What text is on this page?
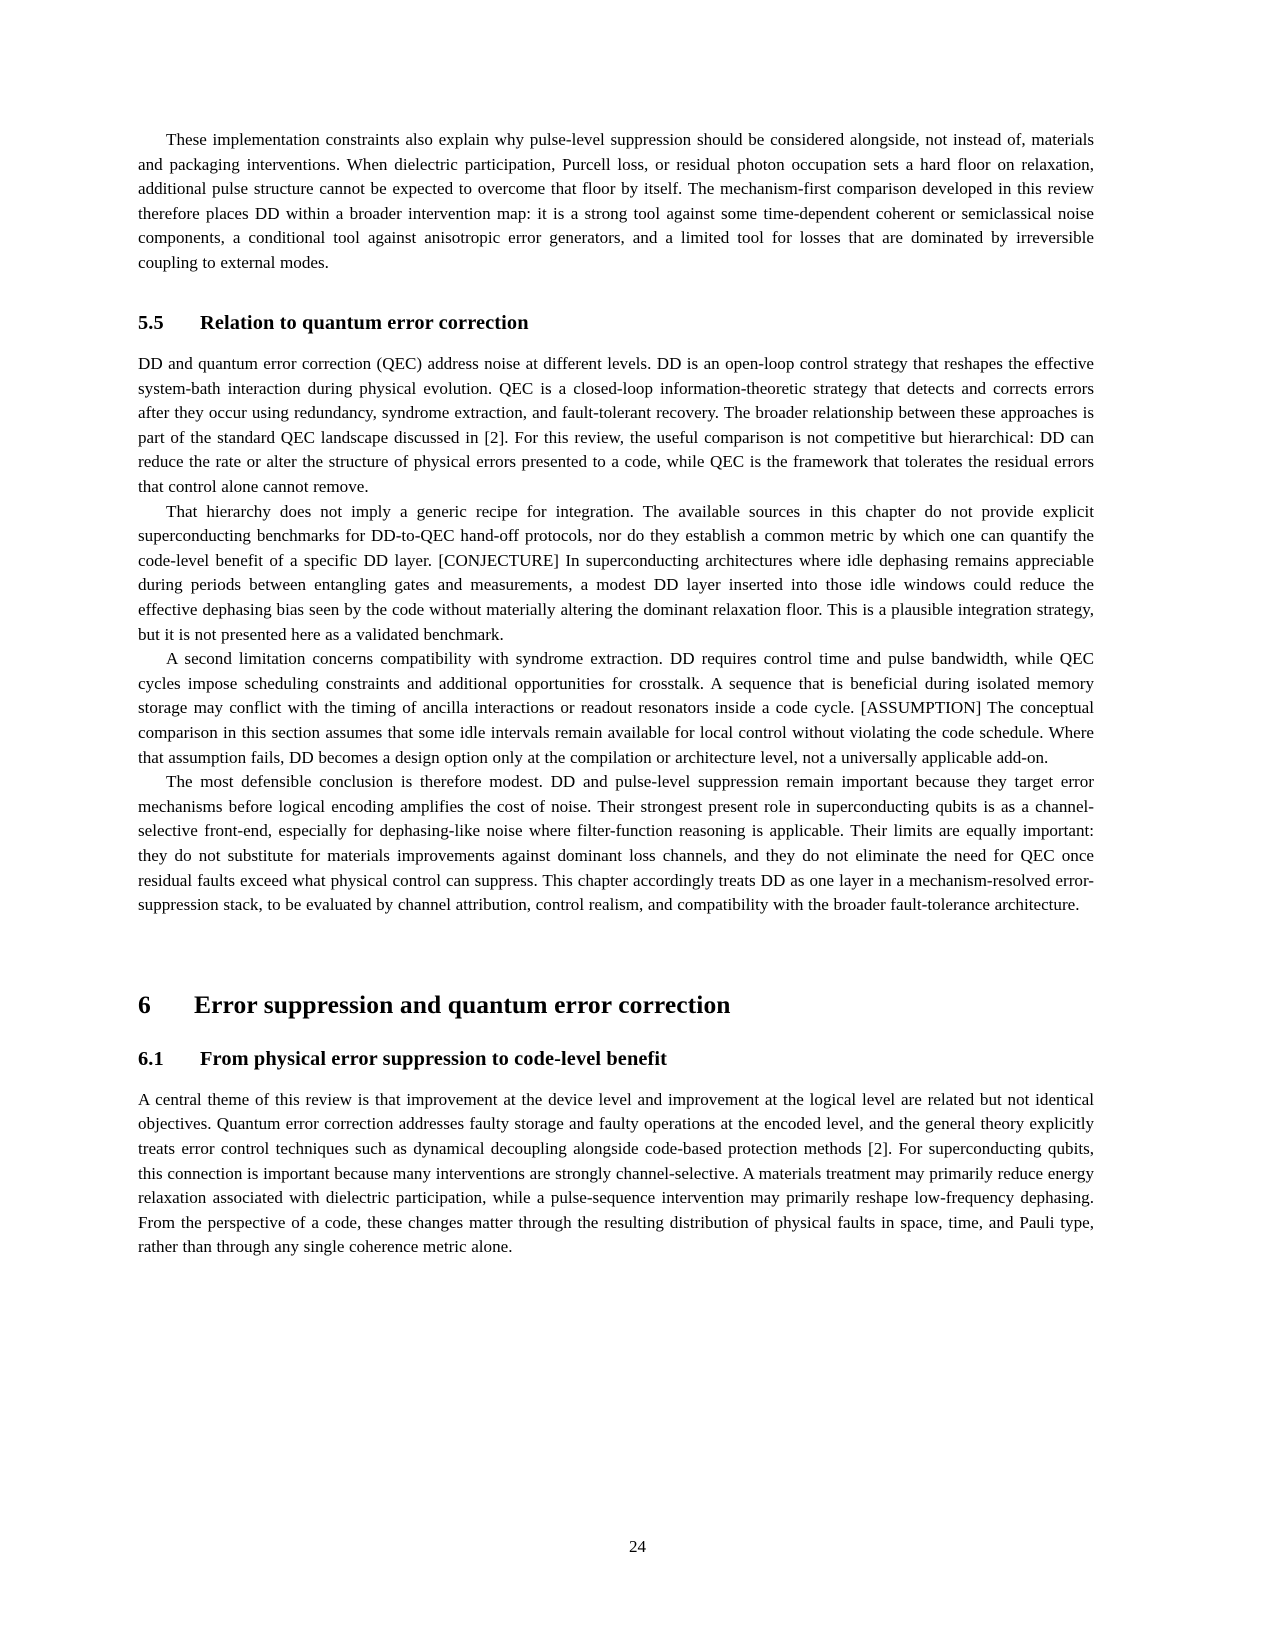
These implementation constraints also explain why pulse-level suppression should be considered alongside, not instead of, materials and packaging interventions. When dielectric participation, Purcell loss, or residual photon occupation sets a hard floor on relaxation, additional pulse structure cannot be expected to overcome that floor by itself. The mechanism-first comparison developed in this review therefore places DD within a broader intervention map: it is a strong tool against some time-dependent coherent or semiclassical noise components, a conditional tool against anisotropic error generators, and a limited tool for losses that are dominated by irreversible coupling to external modes.

5.5 Relation to quantum error correction

DD and quantum error correction (QEC) address noise at different levels. DD is an open-loop control strategy that reshapes the effective system-bath interaction during physical evolution. QEC is a closed-loop information-theoretic strategy that detects and corrects errors after they occur using redundancy, syndrome extraction, and fault-tolerant recovery. The broader relationship between these approaches is part of the standard QEC landscape discussed in [2]. For this review, the useful comparison is not competitive but hierarchical: DD can reduce the rate or alter the structure of physical errors presented to a code, while QEC is the framework that tolerates the residual errors that control alone cannot remove.

That hierarchy does not imply a generic recipe for integration. The available sources in this chapter do not provide explicit superconducting benchmarks for DD-to-QEC hand-off protocols, nor do they establish a common metric by which one can quantify the code-level benefit of a specific DD layer. [CONJECTURE] In superconducting architectures where idle dephasing remains appreciable during periods between entangling gates and measurements, a modest DD layer inserted into those idle windows could reduce the effective dephasing bias seen by the code without materially altering the dominant relaxation floor. This is a plausible integration strategy, but it is not presented here as a validated benchmark.

A second limitation concerns compatibility with syndrome extraction. DD requires control time and pulse bandwidth, while QEC cycles impose scheduling constraints and additional opportunities for crosstalk. A sequence that is beneficial during isolated memory storage may conflict with the timing of ancilla interactions or readout resonators inside a code cycle. [ASSUMPTION] The conceptual comparison in this section assumes that some idle intervals remain available for local control without violating the code schedule. Where that assumption fails, DD becomes a design option only at the compilation or architecture level, not a universally applicable add-on.

The most defensible conclusion is therefore modest. DD and pulse-level suppression remain important because they target error mechanisms before logical encoding amplifies the cost of noise. Their strongest present role in superconducting qubits is as a channel-selective front-end, especially for dephasing-like noise where filter-function reasoning is applicable. Their limits are equally important: they do not substitute for materials improvements against dominant loss channels, and they do not eliminate the need for QEC once residual faults exceed what physical control can suppress. This chapter accordingly treats DD as one layer in a mechanism-resolved error-suppression stack, to be evaluated by channel attribution, control realism, and compatibility with the broader fault-tolerance architecture.

6 Error suppression and quantum error correction
6.1 From physical error suppression to code-level benefit

A central theme of this review is that improvement at the device level and improvement at the logical level are related but not identical objectives. Quantum error correction addresses faulty storage and faulty operations at the encoded level, and the general theory explicitly treats error control techniques such as dynamical decoupling alongside code-based protection methods [2]. For superconducting qubits, this connection is important because many interventions are strongly channel-selective. A materials treatment may primarily reduce energy relaxation associated with dielectric participation, while a pulse-sequence intervention may primarily reshape low-frequency dephasing. From the perspective of a code, these changes matter through the resulting distribution of physical faults in space, time, and Pauli type, rather than through any single coherence metric alone.

24
